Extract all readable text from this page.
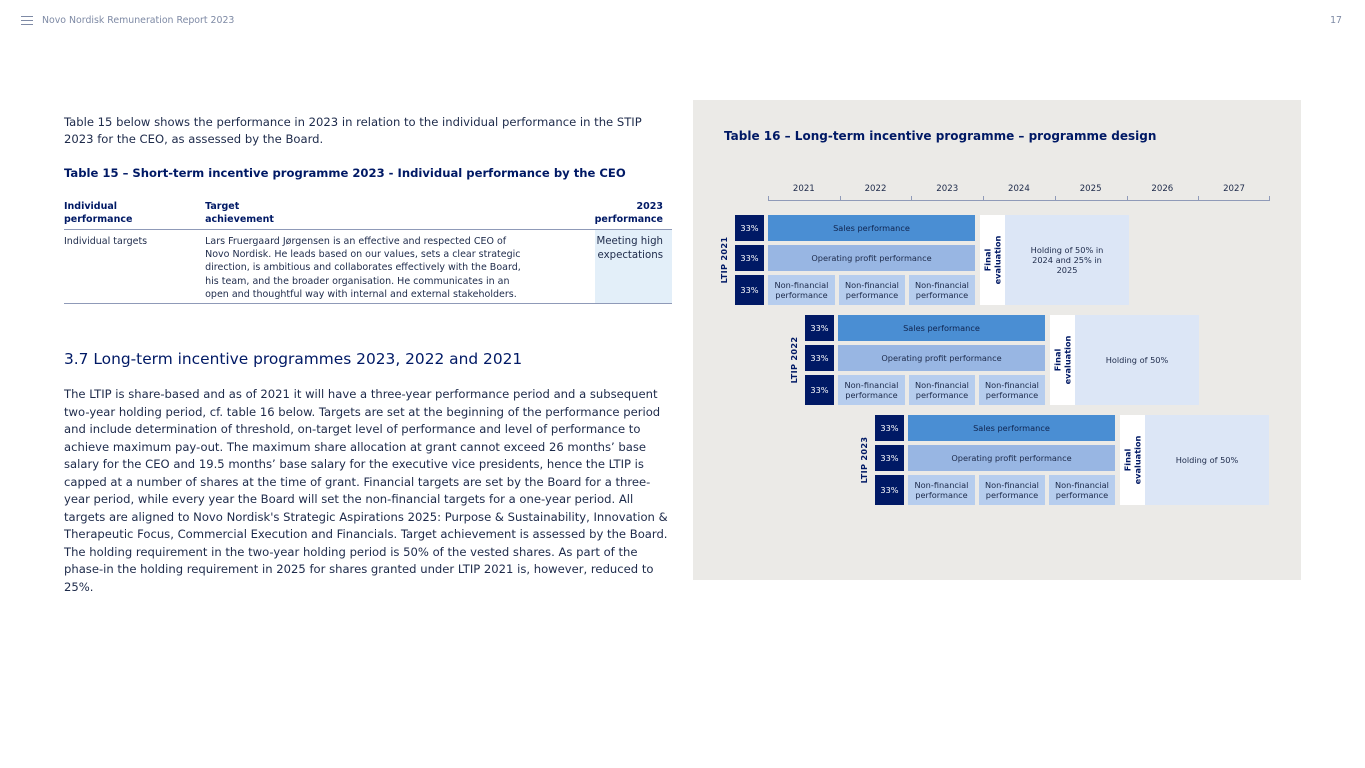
Novo Nordisk Remuneration Report 2023	17

Table 15 below shows the performance in 2023 in relation to the individual performance in the STIP 2023 for the CEO, as assessed by the Board.

Table 15 – Short-term incentive programme 2023 - Individual performance by the CEO
Individual performance	Target achievement	2023 performance
Individual targets	Lars Fruergaard Jørgensen is an effective and respected CEO of Novo Nordisk. He leads based on our values, sets a clear strategic direction, is ambitious and collaborates effectively with the Board, his team, and the broader organisation. He communicates in an open and thoughtful way with internal and external stakeholders.	Meeting high expectations
3.7 Long-term incentive programmes 2023, 2022 and 2021

The LTIP is share-based and as of 2021 it will have a three-year performance period and a subsequent two-year holding period, cf. table 16 below. Targets are set at the beginning of the performance period and include determination of threshold, on-target level of performance and level of performance to achieve maximum pay-out. The maximum share allocation at grant cannot exceed 26 months’ base salary for the CEO and 19.5 months’ base salary for the executive vice presidents, hence the LTIP is capped at a number of shares at the time of grant. Financial targets are set by the Board for a three-year period, while every year the Board will set the non-financial targets for a one-year period. All targets are aligned to Novo Nordisk's Strategic Aspirations 2025: Purpose & Sustainability, Innovation & Therapeutic Focus, Commercial Execution and Financials. Target achievement is assessed by the Board. The holding requirement in the two-year holding period is 50% of the vested shares. As part of the phase-in the holding requirement in 2025 for shares granted under LTIP 2021 is, however, reduced to 25%.

Table 16 – Long-term incentive programme – programme design
2021	2022	2023	2024	2025	2026	2027
LTIP 2021
33%
33%
33%
Sales performance
Operating profit performance
Non-financial performance
Non-financial performance
Non-financial performance
Final evaluation	Holding of 50% in 2024 and 25% in 2025
LTIP 2022
33%
33%
33%
Sales performance
Operating profit performance
Non-financial performance
Non-financial performance
Non-financial performance
Final evaluation	Holding of 50%
LTIP 2023
33%
33%
33%
Sales performance
Operating profit performance
Non-financial performance
Non-financial performance
Non-financial performance
Final evaluation	Holding of 50%
